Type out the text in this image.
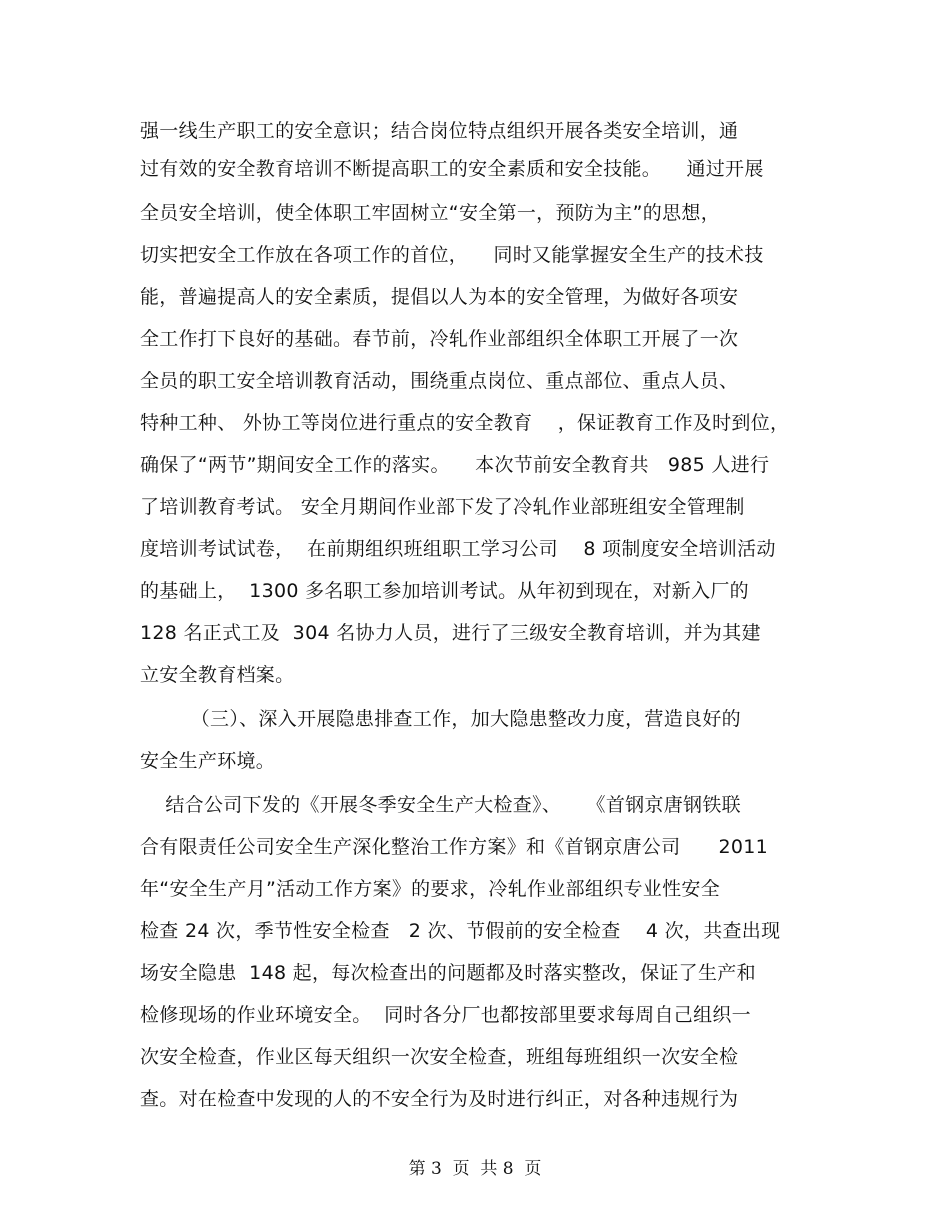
强一线生产职工的安全意识；结合岗位特点组织开展各类安全培训，通
过有效的安全教育培训不断提高职工的安全素质和安全技能。    通过开展
全员安全培训，使全体职工牢固树立“安全第一，预防为主”的思想，
切实把安全工作放在各项工作的首位，    同时又能掌握安全生产的技术技
能，普遍提高人的安全素质，提倡以人为本的安全管理，为做好各项安
全工作打下良好的基础。春节前，冷轧作业部组织全体职工开展了一次
全员的职工安全培训教育活动，围绕重点岗位、重点部位、重点人员、
特种工种、 外协工等岗位进行重点的安全教育    ，保证教育工作及时到位，
确保了“两节”期间安全工作的落实。    本次节前安全教育共   985 人进行
了培训教育考试。 安全月期间作业部下发了冷轧作业部班组安全管理制
度培训考试试卷，  在前期组织班组职工学习公司    8 项制度安全培训活动
的基础上，  1300 多名职工参加培训考试。从年初到现在，对新入厂的
128 名正式工及  304 名协力人员，进行了三级安全教育培训，并为其建
立安全教育档案。
（三）、深入开展隐患排查工作，加大隐患整改力度，营造良好的
安全生产环境。
结合公司下发的《开展冬季安全生产大检查》、    《首钢京唐钢铁联
合有限责任公司安全生产深化整治工作方案》和《首钢京唐公司      2011
年“安全生产月”活动工作方案》的要求，冷轧作业部组织专业性安全
检查 24 次，季节性安全检查   2 次、节假前的安全检查    4 次，共查出现
场安全隐患  148 起，每次检查出的问题都及时落实整改，保证了生产和
检修现场的作业环境安全。  同时各分厂也都按部里要求每周自己组织一
次安全检查，作业区每天组织一次安全检查，班组每班组织一次安全检
查。对在检查中发现的人的不安全行为及时进行纠正，对各种违规行为
第 3  页  共 8  页
